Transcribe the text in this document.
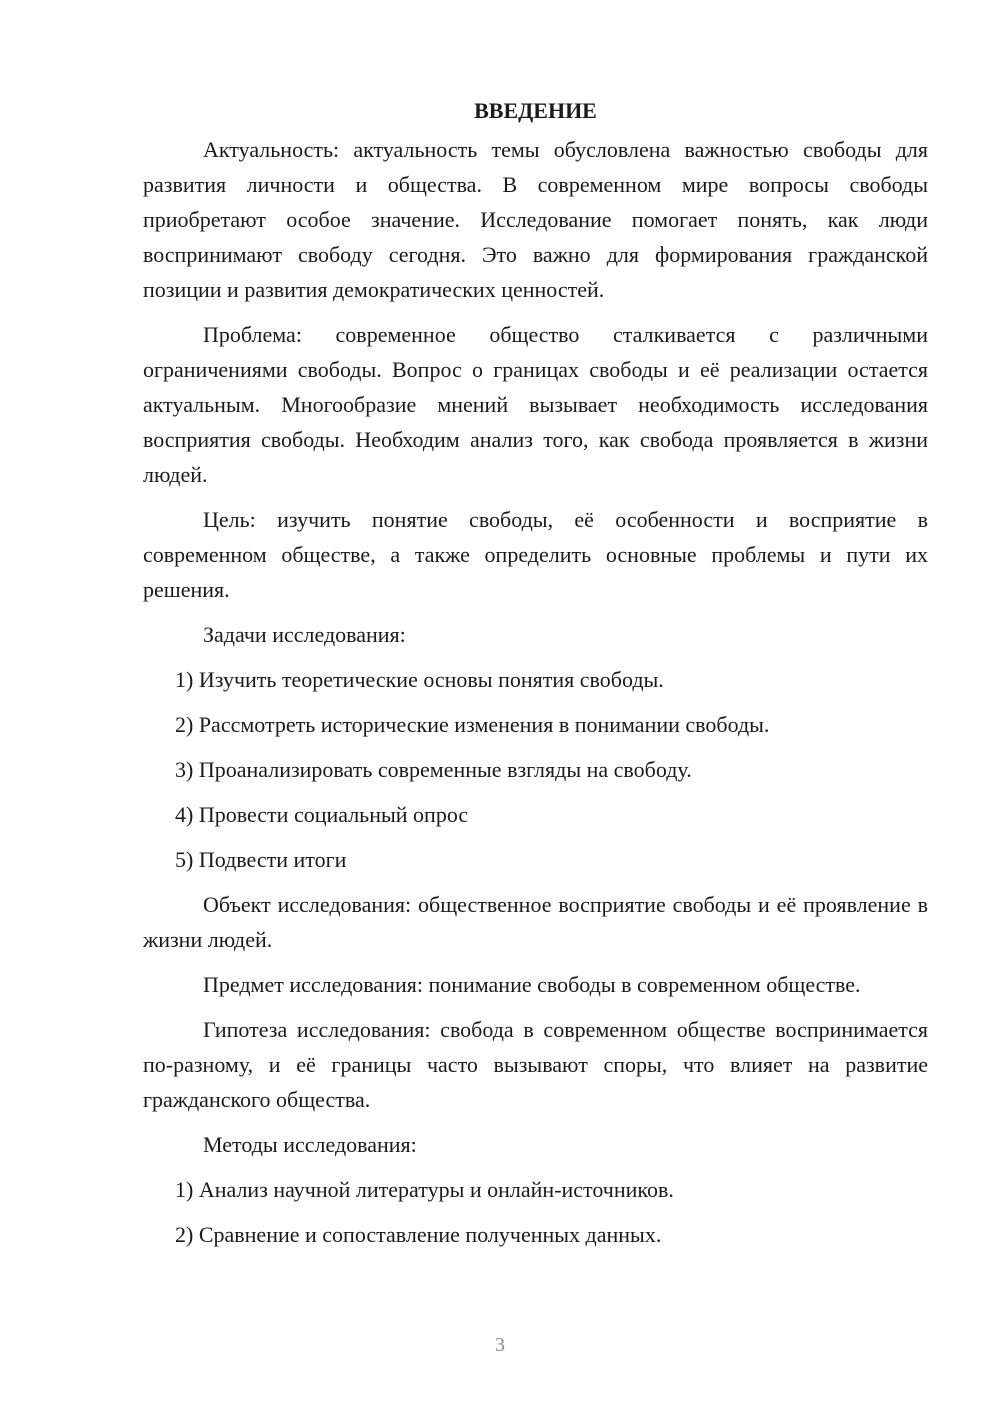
ВВЕДЕНИЕ

Актуальность: актуальность темы обусловлена важностью свободы для развития личности и общества. В современном мире вопросы свободы приобретают особое значение. Исследование помогает понять, как люди воспринимают свободу сегодня. Это важно для формирования гражданской позиции и развития демократических ценностей.

Проблема: современное общество сталкивается с различными ограничениями свободы. Вопрос о границах свободы и её реализации остается актуальным. Многообразие мнений вызывает необходимость исследования восприятия свободы. Необходим анализ того, как свобода проявляется в жизни людей.

Цель: изучить понятие свободы, её особенности и восприятие в современном обществе, а также определить основные проблемы и пути их решения.

Задачи исследования:

1) Изучить теоретические основы понятия свободы.

2) Рассмотреть исторические изменения в понимании свободы.

3) Проанализировать современные взгляды на свободу.

4) Провести социальный опрос

5) Подвести итоги

Объект исследования: общественное восприятие свободы и её проявление в жизни людей.

Предмет исследования: понимание свободы в современном обществе.

Гипотеза исследования: свобода в современном обществе воспринимается по-разному, и её границы часто вызывают споры, что влияет на развитие гражданского общества.

Методы исследования:

1) Анализ научной литературы и онлайн-источников.

2) Сравнение и сопоставление полученных данных.

3
